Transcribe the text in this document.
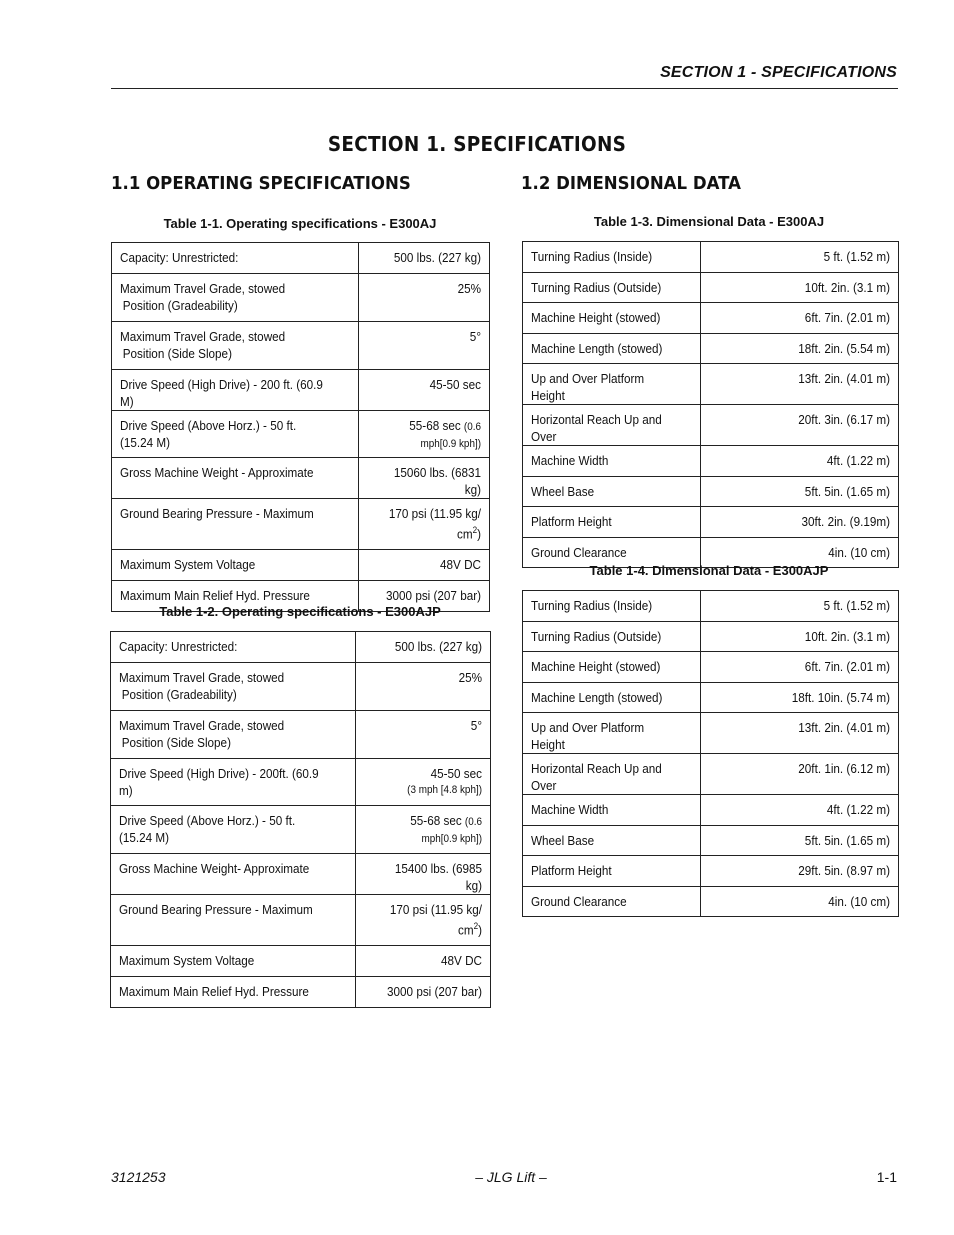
SECTION 1 - SPECIFICATIONS
SECTION 1. SPECIFICATIONS
1.1 OPERATING SPECIFICATIONS	1.2 DIMENSIONAL DATA
Table 1-1. Operating specifications - E300AJ
Capacity: Unrestricted:	500 lbs. (227 kg)

Maximum Travel Grade, stowed
Position (Gradeability)	25%

Maximum Travel Grade, stowed
Position (Side Slope)	5°

Drive Speed (High Drive) - 200 ft. (60.9 M)	45-50 sec

Drive Speed (Above Horz.) - 50 ft. (15.24 M)	55-68 sec (0.6
mph[0.9 kph])

Gross Machine Weight - Approximate	15060 lbs. (6831 kg)

Ground Bearing Pressure - Maximum	170 psi (11.95 kg/
$cm^2$)

Maximum System Voltage	48V DC

Maximum Main Relief Hyd. Pressure	3000 psi (207 bar)
Table 1-2. Operating specifications - E300AJP
Capacity: Unrestricted:	500 lbs. (227 kg)

Maximum Travel Grade, stowed
Position (Gradeability)	25%

Maximum Travel Grade, stowed
Position (Side Slope)	5°

Drive Speed (High Drive) - 200ft. (60.9 m)	45-50 sec
(3 mph [4.8 kph])

Drive Speed (Above Horz.) - 50 ft. (15.24 M)	55-68 sec (0.6
mph[0.9 kph])

Gross Machine Weight- Approximate	15400 lbs. (6985 kg)

Ground Bearing Pressure - Maximum	170 psi (11.95 kg/
$cm^2$)

Maximum System Voltage	48V DC

Maximum Main Relief Hyd. Pressure	3000 psi (207 bar)
Table 1-3. Dimensional Data - E300AJ
Turning Radius (Inside)	5 ft. (1.52 m)

Turning Radius (Outside)	10ft. 2in. (3.1 m)

Machine Height (stowed)	6ft. 7in. (2.01 m)

Machine Length (stowed)	18ft. 2in. (5.54 m)

Up and Over Platform Height	13ft. 2in. (4.01 m)

Horizontal Reach Up and Over	20ft. 3in. (6.17 m)

Machine Width	4ft. (1.22 m)

Wheel Base	5ft. 5in. (1.65 m)

Platform Height	30ft. 2in. (9.19m)

Ground Clearance	4in. (10 cm)
Table 1-4. Dimensional Data - E300AJP
Turning Radius (Inside)	5 ft. (1.52 m)

Turning Radius (Outside)	10ft. 2in. (3.1 m)

Machine Height (stowed)	6ft. 7in. (2.01 m)

Machine Length (stowed)	18ft. 10in. (5.74 m)

Up and Over Platform Height	13ft. 2in. (4.01 m)

Horizontal Reach Up and Over	20ft. 1in. (6.12 m)

Machine Width	4ft. (1.22 m)

Wheel Base	5ft. 5in. (1.65 m)

Platform Height	29ft. 5in. (8.97 m)

Ground Clearance	4in. (10 cm)
3121253	– JLG Lift –	1-1
